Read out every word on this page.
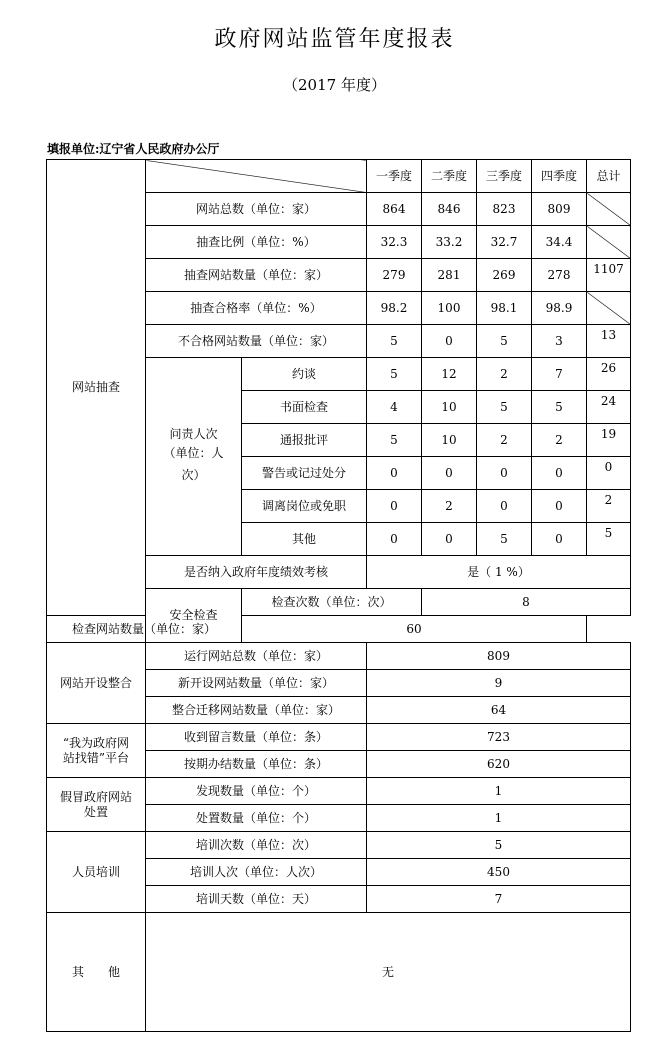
政府网站监管年度报表
（2017 年度）
填报单位:辽宁省人民政府办公厅
网站抽查			一季度	二季度	三季度	四季度	总计
	网站总数（单位：家）		864	846	823	809	
	抽查比例（单位：%）		32.3	33.2	32.7	34.4	
	抽查网站数量（单位：家）		279	281	269	278	1107
	抽查合格率（单位：%）		98.2	100	98.1	98.9	
	不合格网站数量（单位：家）		5	0	5	3	13
	问责人次
（单位：人次）	约谈	5	12	2	7	26
		书面检查	4	10	5	5	24
		通报批评	5	10	2	2	19
		警告或记过处分	0	0	0	0	0
		调离岗位或免职	0	2	0	0	2
		其他	0	0	5	0	5
	是否纳入政府年度绩效考核		是（ 1 %）				
	安全检查	检查次数（单位：次）		8			
检查网站数量（单位：家）		60					
网站开设整合	运行网站总数（单位：家）		809				
	新开设网站数量（单位：家）		9				
	整合迁移网站数量（单位：家）		64				
“我为政府网
站找错”平台	收到留言数量（单位：条）		723				
	按期办结数量（单位：条）		620				
假冒政府网站
处置	发现数量（单位：个）		1				
	处置数量（单位：个）		1				
人员培训	培训次数（单位：次）		5				
	培训人次（单位：人次）		450				
	培训天数（单位：天）		7				
其　　他	无						
